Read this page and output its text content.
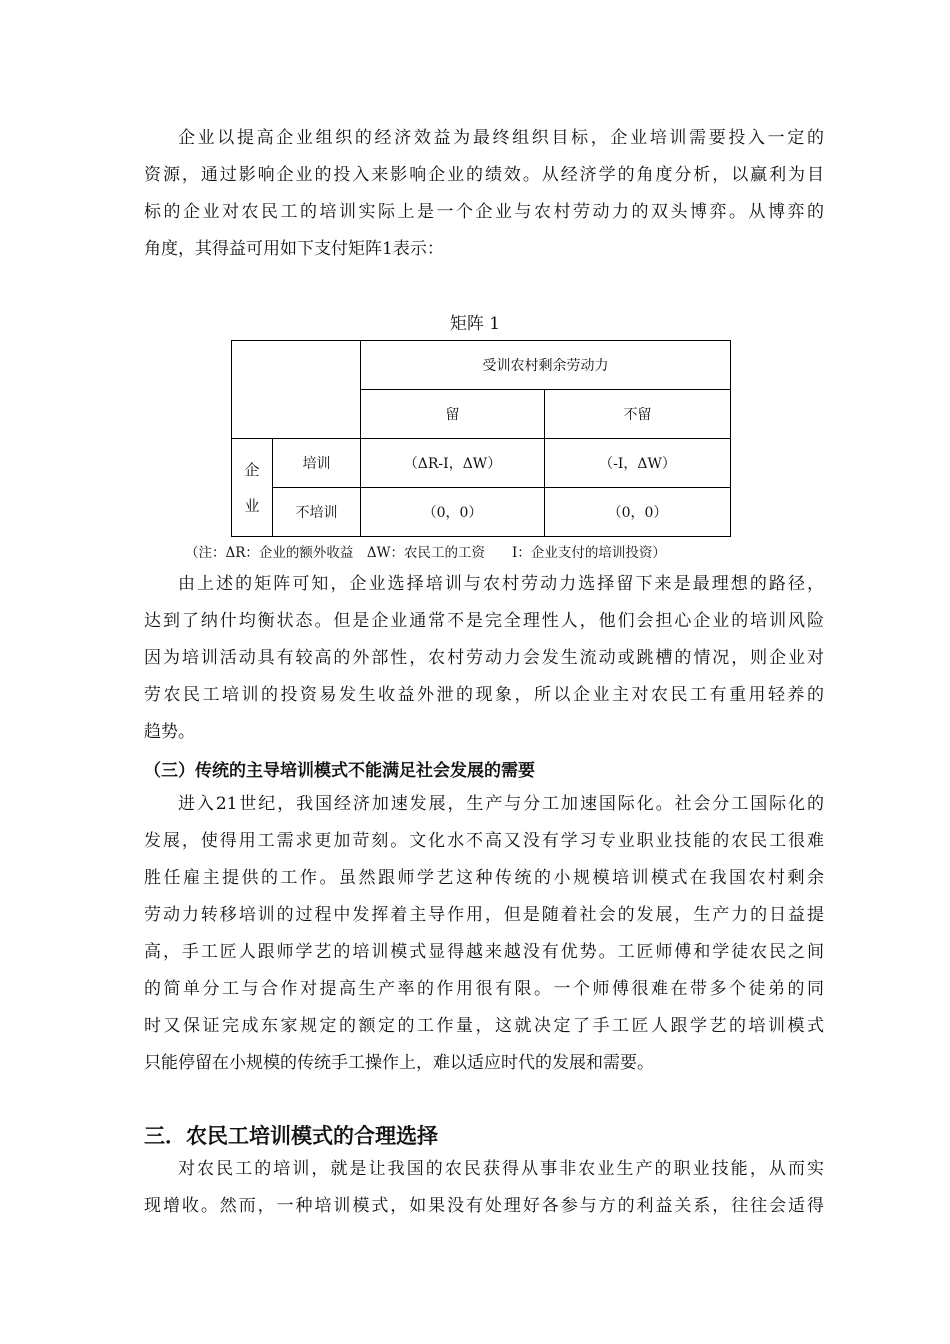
企业以提高企业组织的经济效益为最终组织目标，企业培训需要投入一定的
资源，通过影响企业的投入来影响企业的绩效。从经济学的角度分析，以赢利为目
标的企业对农民工的培训实际上是一个企业与农村劳动力的双头博弈。从博弈的
角度，其得益可用如下支付矩阵1表示：
矩阵 1
		受训农村剩余劳动力	
		留	不留

企
业	培训	（ΔR-I，ΔW）	（-I，ΔW）
	不培训	（0，0）	（0，0）
（注：ΔR：企业的额外收益　ΔW：农民工的工资　　I：企业支付的培训投资）
由上述的矩阵可知，企业选择培训与农村劳动力选择留下来是最理想的路径，
达到了纳什均衡状态。但是企业通常不是完全理性人，他们会担心企业的培训风险
因为培训活动具有较高的外部性，农村劳动力会发生流动或跳槽的情况，则企业对
劳农民工培训的投资易发生收益外泄的现象，所以企业主对农民工有重用轻养的
趋势。
（三）传统的主导培训模式不能满足社会发展的需要
进入21世纪，我国经济加速发展，生产与分工加速国际化。社会分工国际化的
发展，使得用工需求更加苛刻。文化水不高又没有学习专业职业技能的农民工很难
胜任雇主提供的工作。虽然跟师学艺这种传统的小规模培训模式在我国农村剩余
劳动力转移培训的过程中发挥着主导作用，但是随着社会的发展，生产力的日益提
高，手工匠人跟师学艺的培训模式显得越来越没有优势。工匠师傅和学徒农民之间
的简单分工与合作对提高生产率的作用很有限。一个师傅很难在带多个徒弟的同
时又保证完成东家规定的额定的工作量，这就决定了手工匠人跟学艺的培训模式
只能停留在小规模的传统手工操作上，难以适应时代的发展和需要。
三．农民工培训模式的合理选择
对农民工的培训，就是让我国的农民获得从事非农业生产的职业技能，从而实
现增收。然而，一种培训模式，如果没有处理好各参与方的利益关系，往往会适得
